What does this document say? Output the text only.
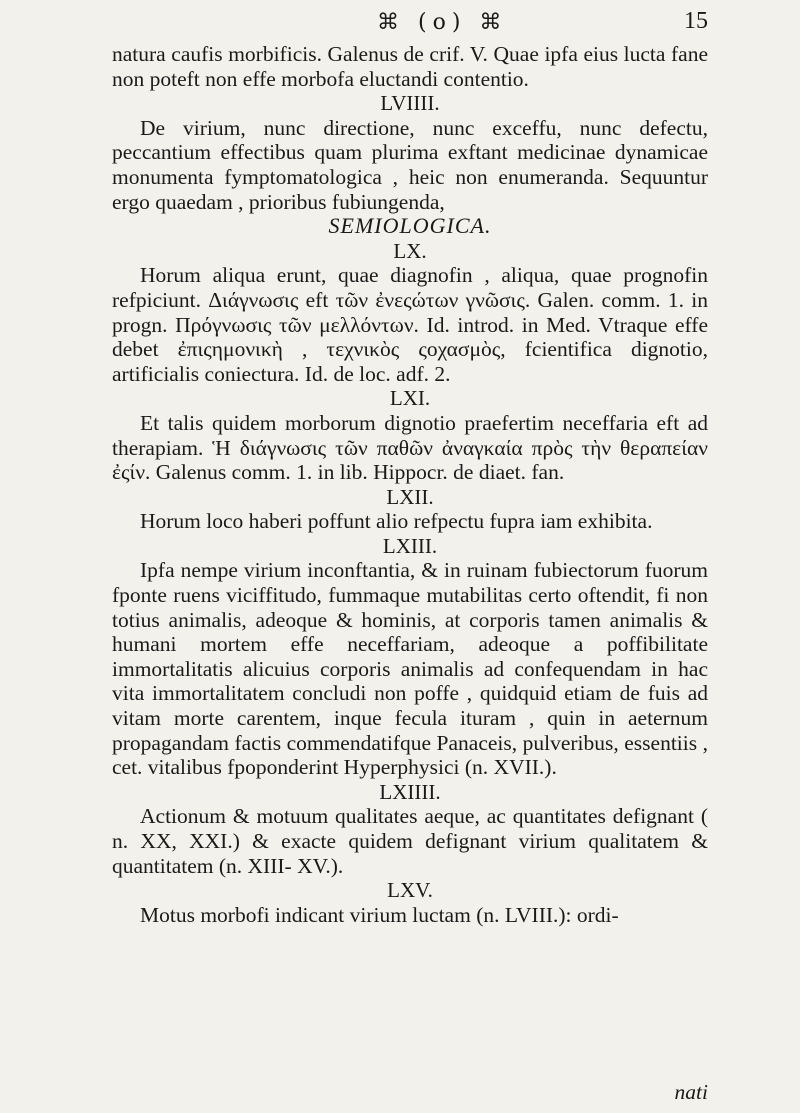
⌘ (o) ⌘	15

natura caufis morbificis. Galenus de crif. V. Quae ipfa eius lucta fane non poteft non effe morbofa eluctandi contentio.

LVIIII.

De virium, nunc directione, nunc exceffu, nunc defectu, peccantium effectibus quam plurima exftant medicinae dynamicae monumenta fymptomatologica , heic non enumeranda. Sequuntur ergo quaedam , prioribus fubiungenda,

SEMIOLOGICA.
LX.

Horum aliqua erunt, quae diagnofin , aliqua, quae prognofin refpiciunt. Διάγνωσις eft τῶν ἐνεςώτων γνῶσις. Galen. comm. 1. in progn. Πρόγνωσις τῶν μελλόντων. Id. introd. in Med. Vtraque effe debet ἐπιςημονικὴ , τεχνικὸς ςοχασμὸς, fcientifica dignotio, artificialis coniectura. Id. de loc. adf. 2.

LXI.

Et talis quidem morborum dignotio praefertim neceffaria eft ad therapiam. Ἡ διάγνωσις τῶν παθῶν ἀναγκαία πρὸς τὴν θεραπείαν ἐςίν. Galenus comm. 1. in lib. Hippocr. de diaet. fan.

LXII.

Horum loco haberi poffunt alio refpectu fupra iam exhibita.

LXIII.

Ipfa nempe virium inconftantia, & in ruinam fubiectorum fuorum fponte ruens viciffitudo, fummaque mutabilitas certo oftendit, fi non totius animalis, adeoque & hominis, at corporis tamen animalis & humani mortem effe neceffariam, adeoque a poffibilitate immortalitatis alicuius corporis animalis ad confequendam in hac vita immortalitatem concludi non poffe , quidquid etiam de fuis ad vitam morte carentem, inque fecula ituram , quin in aeternum propagandam factis commendatifque Panaceis, pulveribus, essentiis , cet. vitalibus fpoponderint Hyperphysici (n. XVII.).

LXIIII.

Actionum & motuum qualitates aeque, ac quantitates defignant ( n. XX, XXI.) & exacte quidem defignant virium qualitatem & quantitatem (n. XIII- XV.).

LXV.

Motus morbofi indicant virium luctam (n. LVIII.): ordi-

nati
